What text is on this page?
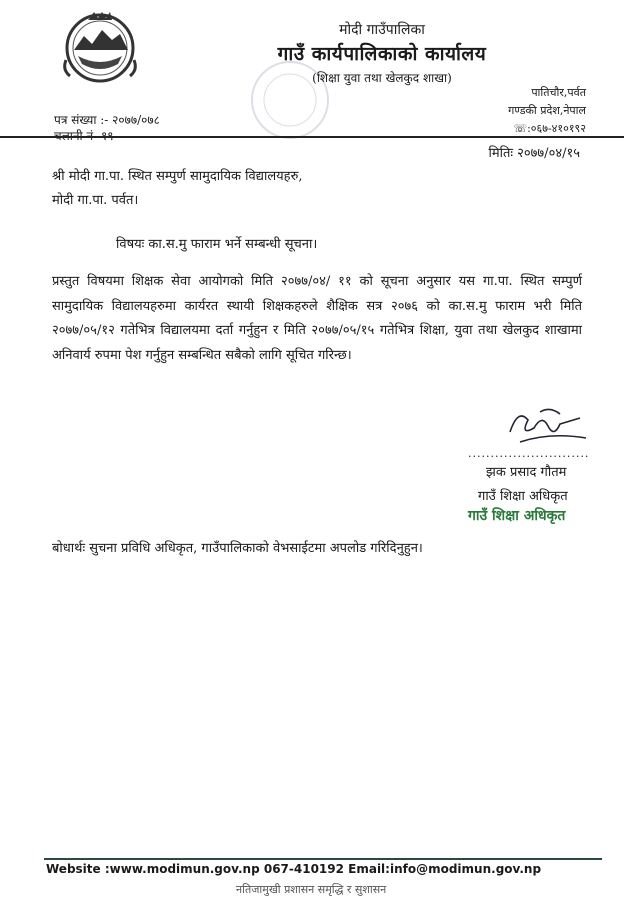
मोदी गाउँपालिका
गाउँ कार्यपालिकाको कार्यालय
(शिक्षा युवा तथा खेलकुद शाखा)
पातिचौर,पर्वत
गण्डकी प्रदेश,नेपाल
☏:०६७-४१०१९२
पत्र संख्या :- २०७७/०७८
मितिः २०७७/०४/१५
श्री मोदी गा.पा. स्थित सम्पुर्ण सामुदायिक विद्यालयहरु,
मोदी गा.पा. पर्वत।
विषयः का.स.मु फाराम भर्ने सम्बन्धी सूचना।
प्रस्तुत विषयमा शिक्षक सेवा आयोगको मिति २०७७/०४/ ११ को सूचना अनुसार यस गा.पा. स्थित सम्पुर्ण सामुदायिक विद्यालयहरुमा कार्यरत स्थायी शिक्षकहरुले शैक्षिक सत्र २०७६ को का.स.मु फाराम भरी मिति २०७७/०५/१२ गतेभित्र विद्यालयमा दर्ता गर्नुहुन र मिति २०७७/०५/१५ गतेभित्र शिक्षा, युवा तथा खेलकुद शाखामा अनिवार्य रुपमा पेश गर्नुहुन सम्बन्धित सबैको लागि सूचित गरिन्छ।
...........................
झक प्रसाद गौतम
गाउँ शिक्षा अधिकृत
गाउँ शिक्षा अधिकृत
बोधार्थः सुचना प्रविधि अधिकृत, गाउँपालिकाको वेभसाईटमा अपलोड गरिदिनुहुन।
Website :www.modimun.gov.np 067-410192 Email:info@modimun.gov.np
नतिजामुखी प्रशासन समृद्धि र सुशासन
